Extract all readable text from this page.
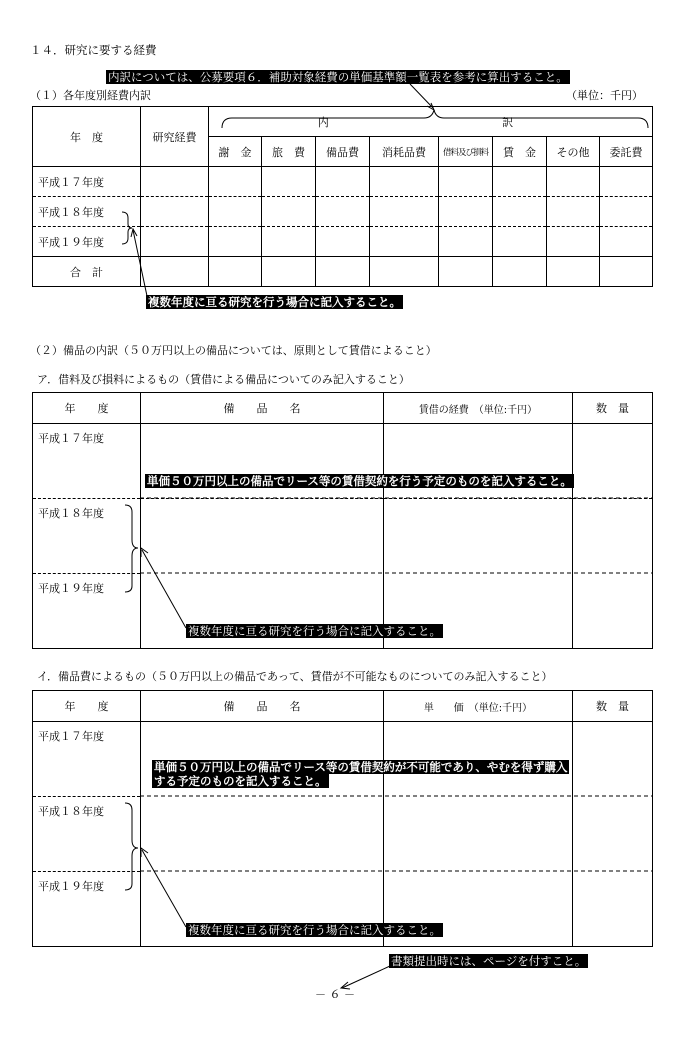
１４．研究に要する経費
内訳については、公募要項６．補助対象経費の単価基準額一覧表を参考に算出すること。
（１）各年度別経費内訳	（単位：千円）
年　度	研究経費	内 訳							
		謝　金	旅　費	備品費	消耗品費	借料及び損料	賃　金	その他	委託費
平成１７年度									
平成１８年度									
平成１９年度									
合　計									
複数年度に亘る研究を行う場合に記入すること。
（２）備品の内訳（５０万円以上の備品については、原則として賃借によること）
ア．借料及び損料によるもの（賃借による備品についてのみ記入すること）
年　　度	備　　品　　名	賃借の経費　（単位:千円）	数　量
平成１７年度			
平成１８年度			
平成１９年度			
単価５０万円以上の備品でリース等の賃借契約を行う予定のものを記入すること。
複数年度に亘る研究を行う場合に記入すること。
イ．備品費によるもの（５０万円以上の備品であって、賃借が不可能なものについてのみ記入すること）
年　　度	備　　品　　名	単　　価　（単位:千円）	数　量
平成１７年度			
平成１８年度			
平成１９年度			
単価５０万円以上の備品でリース等の賃借契約が不可能であり、やむを得ず購入
する予定のものを記入すること。
複数年度に亘る研究を行う場合に記入すること。
書類提出時には、ページを付すこと。
－ ６ －
